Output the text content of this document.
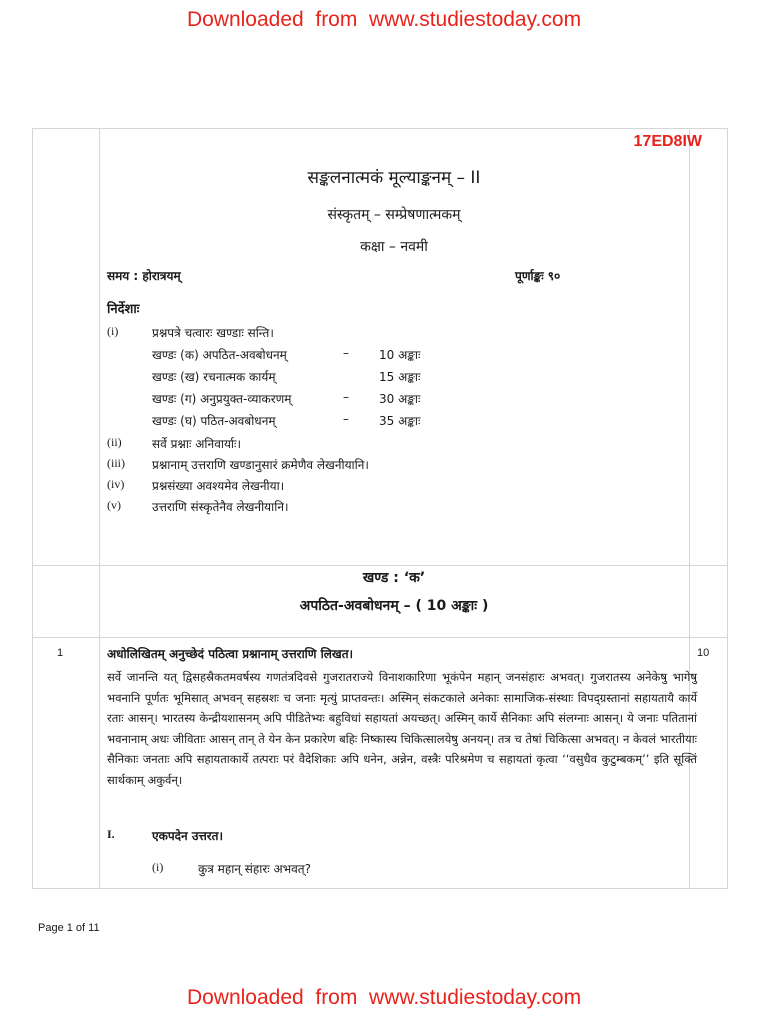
Downloaded  from  www.studiestoday.com
17ED8IW
सङ्कलनात्मकं मूल्याङ्कनम् – II
संस्कृतम् – सम्प्रेषणात्मकम्
कक्षा – नवमी
समय : होरात्रयम्	पूर्णाङ्कः ९०
निर्देशाः
(i)	प्रश्नपत्रे चत्वारः खण्डाः सन्ति।
खण्डः (क) अपठित-अवबोधनम्	–	10 अङ्काः
खण्डः (ख) रचनात्मक कार्यम्	15 अङ्काः
खण्डः (ग) अनुप्रयुक्त-व्याकरणम्	–	30 अङ्काः
खण्डः (घ) पठित-अवबोधनम्	–	35 अङ्काः
(ii)	सर्वे प्रश्नाः अनिवार्याः।
(iii) प्रश्नानाम् उत्तराणि खण्डानुसारं क्रमेणैव लेखनीयानि।
(iv) प्रश्नसंख्या अवश्यमेव लेखनीया।
(v)	उत्तराणि संस्कृतेनैव लेखनीयानि।
खण्ड : ‘क’
अपठित-अवबोधनम् – ( 10 अङ्काः )
1	10
अधोलिखितम् अनुच्छेदं पठित्वा प्रश्नानाम् उत्तराणि लिखत।
सर्वे जानन्ति यत् द्विसहस्रैकतमवर्षस्य गणतंत्रदिवसे गुजरातराज्ये विनाशकारिणा भूकंपेन महान् जनसंहारः अभवत्। गुजरातस्य अनेकेषु भागेषु भवनानि पूर्णतः भूमिसात् अभवन् सहस्रशः च जनाः मृत्युं प्राप्तवन्तः। अस्मिन् संकटकाले अनेकाः सामाजिक-संस्थाः विपद्ग्रस्तानां सहायतायै कार्ये रताः आसन्। भारतस्य केन्द्रीयशासनम् अपि पीडितेभ्यः बहुविधां सहायतां अयच्छत्। अस्मिन् कार्ये सैनिकाः अपि संलग्नाः आसन्। ये जनाः पतितानां भवनानाम् अधः जीविताः आसन् तान् ते येन केन प्रकारेण बहिः निष्कास्य चिकित्सालयेषु अनयन्। तत्र च तेषां चिकित्सा अभवत्। न केवलं भारतीयाः सैनिकाः जनताः अपि सहायताकार्ये तत्पराः परं वैदेशिकाः अपि धनेन, अन्नेन, वस्त्रैः परिश्रमेण च सहायतां कृत्वा ‘‘वसुधैव कुटुम्बकम्’’ इति सूक्तिं सार्थकाम् अकुर्वन्।
I.	एकपदेन उत्तरत।
(i)	कुत्र महान् संहारः अभवत्?
Page 1 of 11
Downloaded  from  www.studiestoday.com
